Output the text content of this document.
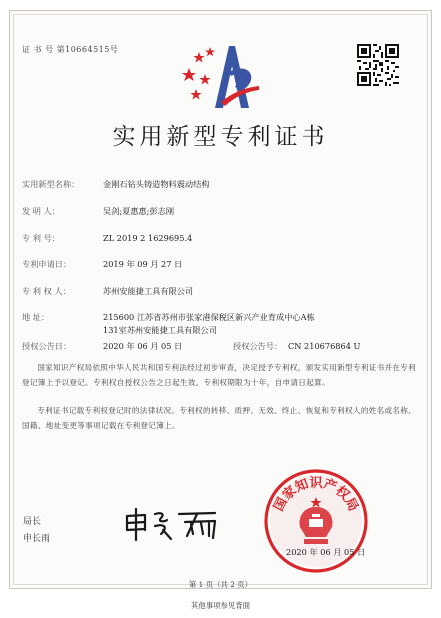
证 书 号 第10664515号
实用新型专利证书
实用新型名称：	金刚石钻头铸造物料震动结构
发 明 人：	吴剑;夏惠惠;彭志刚
专 利 号：	ZL 2019 2 1629695.4
专利申请日：	2019 年 09 月 27 日
专 利 权 人：	苏州安能捷工具有限公司
地 址：	215600 江苏省苏州市张家港保税区新兴产业育成中心A栋
131室苏州安能捷工具有限公司
授权公告日：	2020 年 06 月 05 日	授权公告号： CN 210676864 U
国家知识产权局依照中华人民共和国专利法经过初步审查，决定授予专利权，颁发实用新型专利证书并在专利登记簿上予以登记。专利权自授权公告之日起生效。专利权期限为十年，自申请日起算。
专利证书记载专利权登记时的法律状况。专利权的转移、质押、无效、终止、恢复和专利权人的姓名或名称、国籍、地址变更等事项记载在专利登记簿上。
局长
申长雨
国家知识产权局
2020 年 06 月 05 日
第 1 页（共 2 页）
其他事项参见背面
